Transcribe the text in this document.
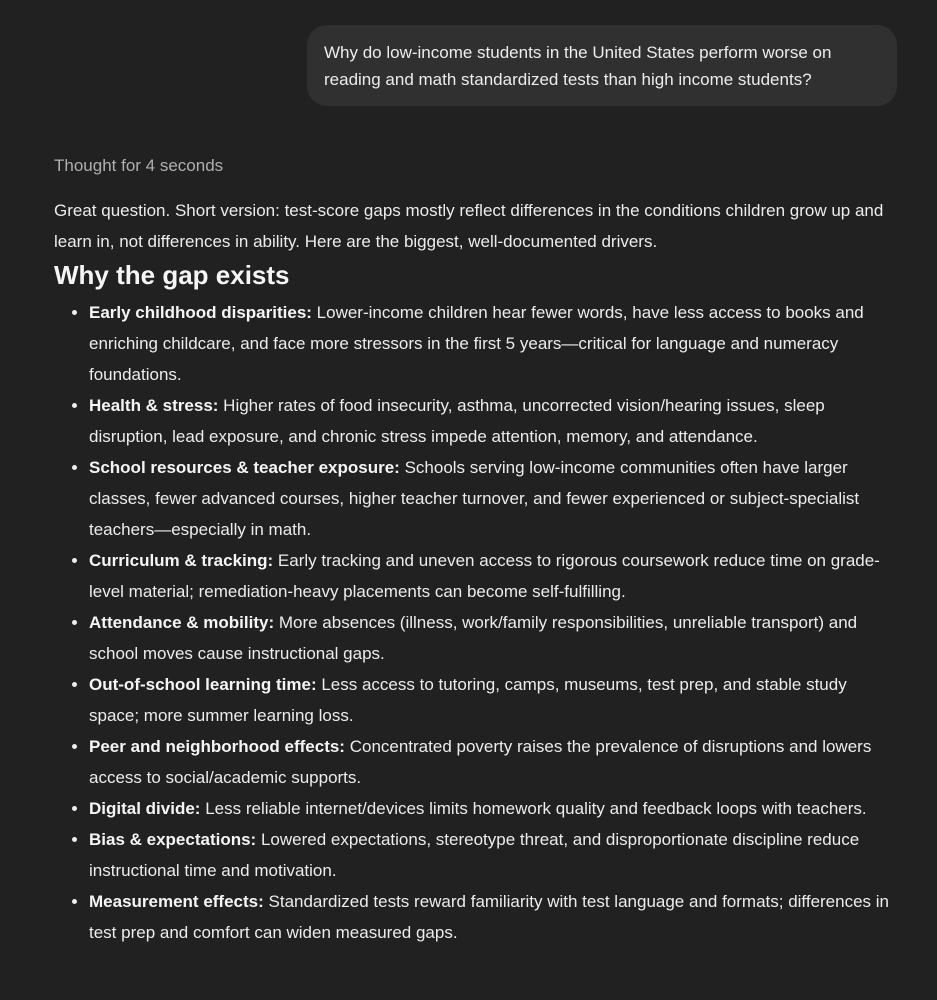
Why do low-income students in the United States perform worse on reading and math standardized tests than high income students?
Thought for 4 seconds

Great question. Short version: test-score gaps mostly reflect differences in the conditions children grow up and learn in, not differences in ability. Here are the biggest, well-documented drivers.

Why the gap exists
• Early childhood disparities: Lower-income children hear fewer words, have less access to books and enriching childcare, and face more stressors in the first 5 years—critical for language and numeracy foundations.
• Health & stress: Higher rates of food insecurity, asthma, uncorrected vision/hearing issues, sleep disruption, lead exposure, and chronic stress impede attention, memory, and attendance.
• School resources & teacher exposure: Schools serving low-income communities often have larger classes, fewer advanced courses, higher teacher turnover, and fewer experienced or subject-specialist teachers—especially in math.
• Curriculum & tracking: Early tracking and uneven access to rigorous coursework reduce time on grade-level material; remediation-heavy placements can become self-fulfilling.
• Attendance & mobility: More absences (illness, work/family responsibilities, unreliable transport) and school moves cause instructional gaps.
• Out-of-school learning time: Less access to tutoring, camps, museums, test prep, and stable study space; more summer learning loss.
• Peer and neighborhood effects: Concentrated poverty raises the prevalence of disruptions and lowers access to social/academic supports.
• Digital divide: Less reliable internet/devices limits homework quality and feedback loops with teachers.
• Bias & expectations: Lowered expectations, stereotype threat, and disproportionate discipline reduce instructional time and motivation.
• Measurement effects: Standardized tests reward familiarity with test language and formats; differences in test prep and comfort can widen measured gaps.
